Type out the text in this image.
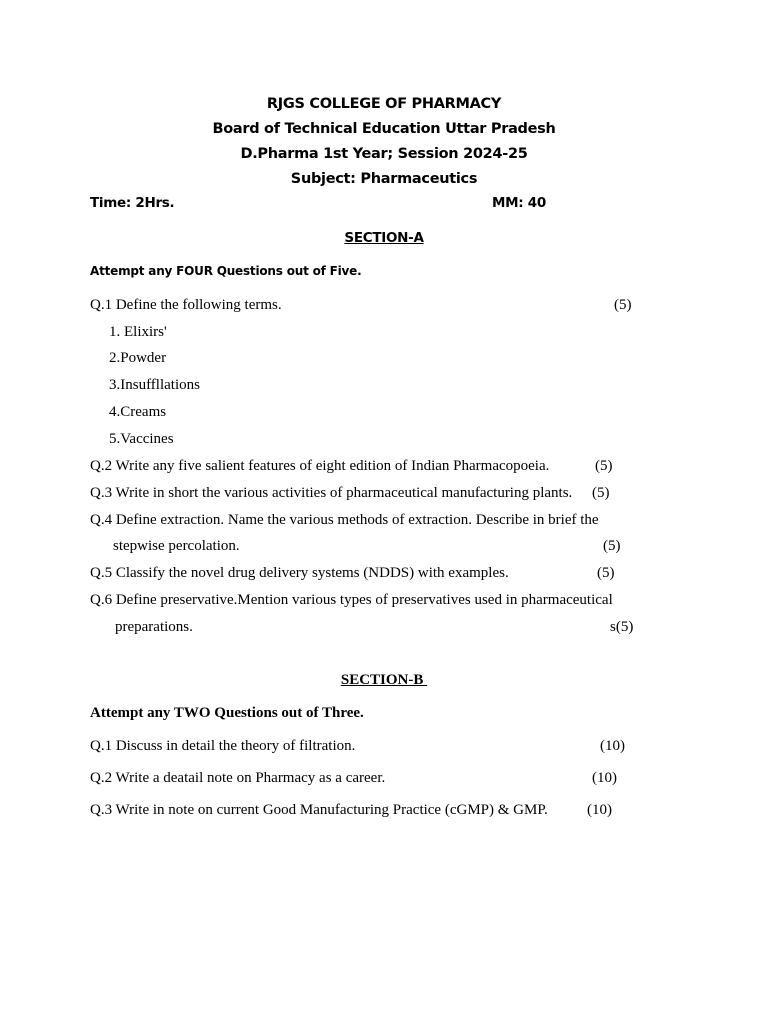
RJGS COLLEGE OF PHARMACY
Board of Technical Education Uttar Pradesh
D.Pharma 1st Year; Session 2024-25
Subject: Pharmaceutics
Time: 2Hrs.	MM: 40
SECTION-A
Attempt any FOUR Questions out of Five.
Q.1 Define the following terms.	(5)
1. Elixirs'
2.Powder
3.Insuffllations
4.Creams
5.Vaccines
Q.2 Write any five salient features of eight edition of Indian Pharmacopoeia.	(5)
Q.3 Write in short the various activities of pharmaceutical manufacturing plants. (5)
Q.4 Define extraction. Name the various methods of extraction. Describe in brief the
stepwise percolation.	(5)
Q.5 Classify the novel drug delivery systems (NDDS) with examples.	(5)
Q.6 Define preservative.Mention various types of preservatives used in pharmaceutical
preparations.	s(5)
SECTION-B
Attempt any TWO Questions out of Three.
Q.1 Discuss in detail the theory of filtration.	(10)
Q.2 Write a deatail note on Pharmacy as a career.	(10)
Q.3 Write in note on current Good Manufacturing Practice (cGMP) & GMP.	(10)
